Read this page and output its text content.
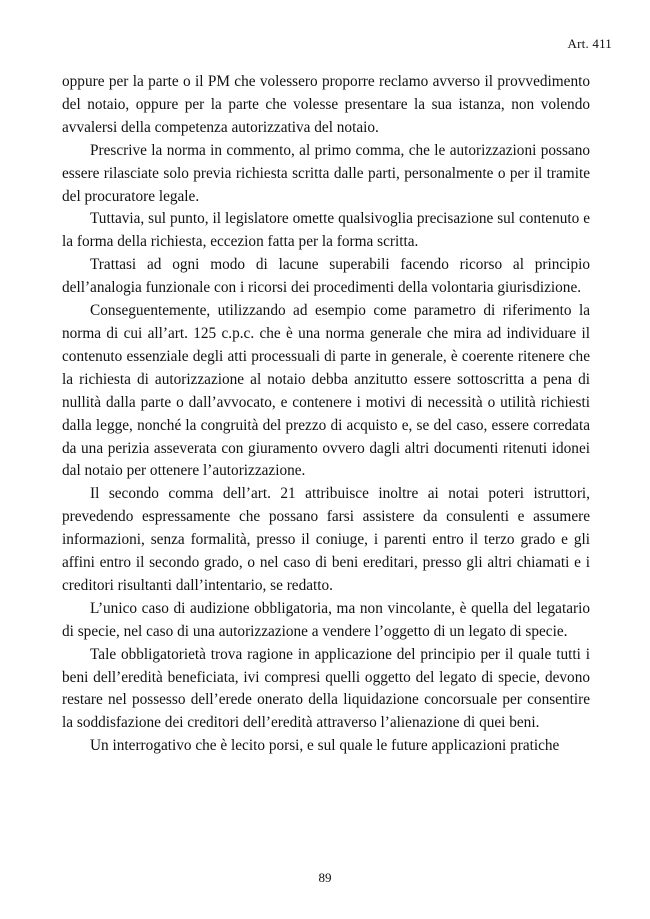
Art. 411

oppure per la parte o il PM che volessero proporre reclamo avverso il provvedimento del notaio, oppure per la parte che volesse presentare la sua istanza, non volendo avvalersi della competenza autorizzativa del notaio.

Prescrive la norma in commento, al primo comma, che le autorizzazioni possano essere rilasciate solo previa richiesta scritta dalle parti, personalmente o per il tramite del procuratore legale.

Tuttavia, sul punto, il legislatore omette qualsivoglia precisazione sul contenuto e la forma della richiesta, eccezion fatta per la forma scritta.

Trattasi ad ogni modo di lacune superabili facendo ricorso al principio dell’analogia funzionale con i ricorsi dei procedimenti della volontaria giurisdizione.

Conseguentemente, utilizzando ad esempio come parametro di riferimento la norma di cui all’art. 125 c.p.c. che è una norma generale che mira ad individuare il contenuto essenziale degli atti processuali di parte in generale, è coerente ritenere che la richiesta di autorizzazione al notaio debba anzitutto essere sottoscritta a pena di nullità dalla parte o dall’avvocato, e contenere i motivi di necessità o utilità richiesti dalla legge, nonché la congruità del prezzo di acquisto e, se del caso, essere corredata da una perizia asseverata con giuramento ovvero dagli altri documenti ritenuti idonei dal notaio per ottenere l’autorizzazione.

Il secondo comma dell’art. 21 attribuisce inoltre ai notai poteri istruttori, prevedendo espressamente che possano farsi assistere da consulenti e assumere informazioni, senza formalità, presso il coniuge, i parenti entro il terzo grado e gli affini entro il secondo grado, o nel caso di beni ereditari, presso gli altri chiamati e i creditori risultanti dall’intentario, se redatto.

L’unico caso di audizione obbligatoria, ma non vincolante, è quella del legatario di specie, nel caso di una autorizzazione a vendere l’oggetto di un legato di specie.

Tale obbligatorietà trova ragione in applicazione del principio per il quale tutti i beni dell’eredità beneficiata, ivi compresi quelli oggetto del legato di specie, devono restare nel possesso dell’erede onerato della liquidazione concorsuale per consentire la soddisfazione dei creditori dell’eredità attraverso l’alienazione di quei beni.

Un interrogativo che è lecito porsi, e sul quale le future applicazioni pratiche

89
